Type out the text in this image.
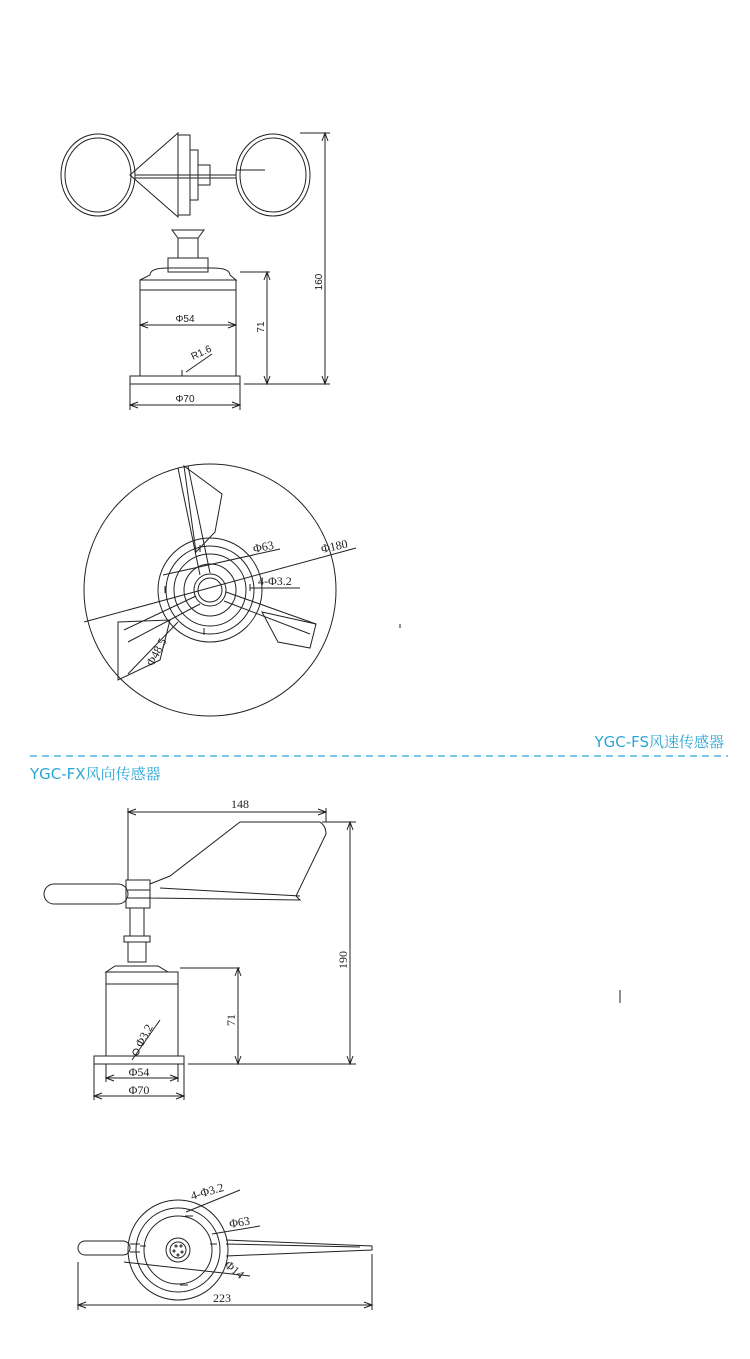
160
71
Φ54
R1.6
Φ70
Φ180
Φ63
4-Φ3.2
Φ48.5
148
190
71
Φ3.2
Φ54
Φ70
4-Φ3.2
Φ63
Φ14
223
YGC-FS风速传感器
YGC-FX风向传感器
